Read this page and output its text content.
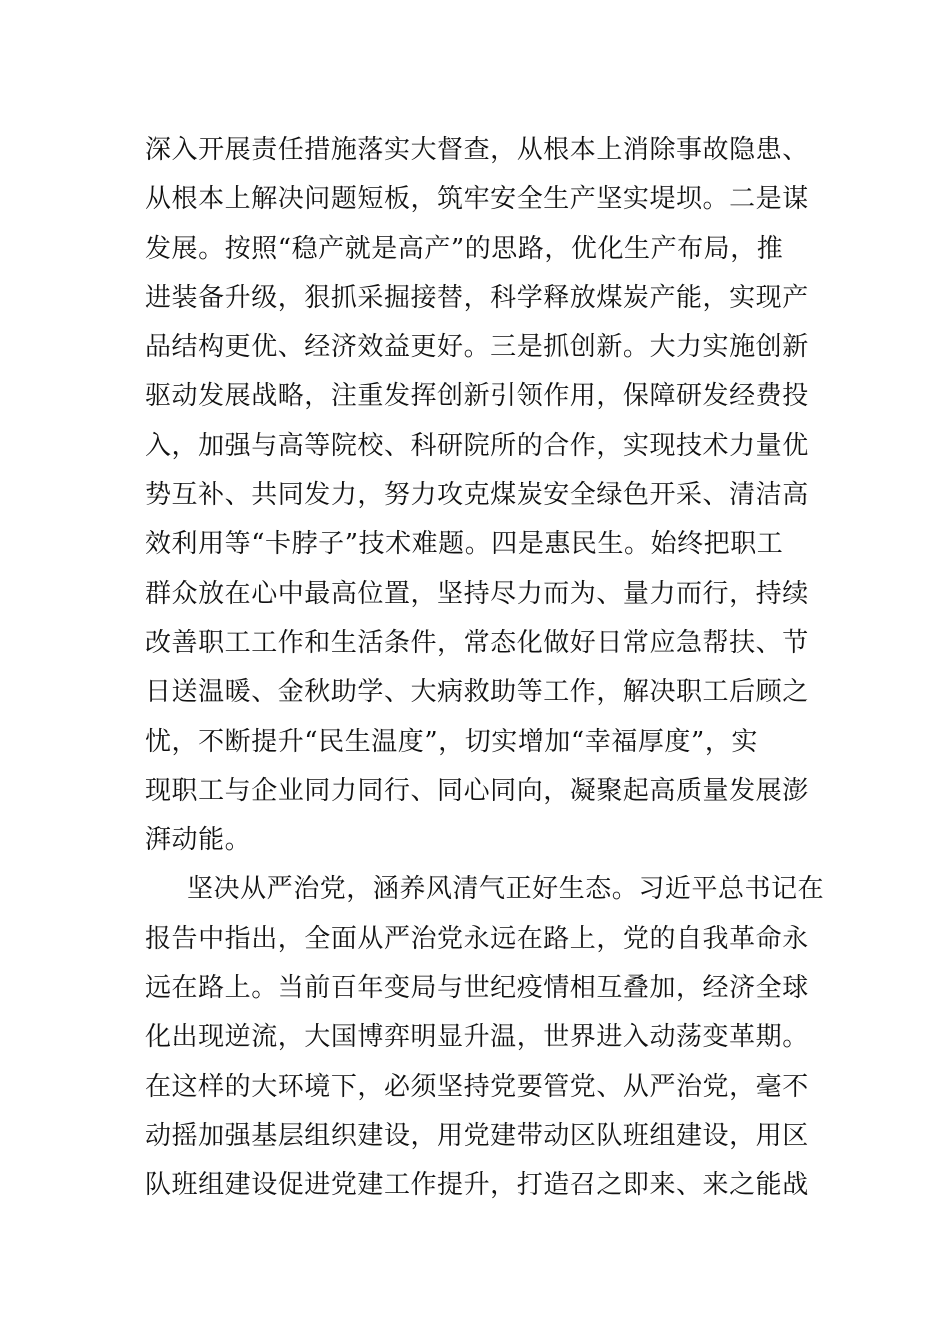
深入开展责任措施落实大督查，从根本上消除事故隐患、
从根本上解决问题短板，筑牢安全生产坚实堤坝。二是谋
发展。按照“稳产就是高产”的思路，优化生产布局，推
进装备升级，狠抓采掘接替，科学释放煤炭产能，实现产
品结构更优、经济效益更好。三是抓创新。大力实施创新
驱动发展战略，注重发挥创新引领作用，保障研发经费投
入，加强与高等院校、科研院所的合作，实现技术力量优
势互补、共同发力，努力攻克煤炭安全绿色开采、清洁高
效利用等“卡脖子”技术难题。四是惠民生。始终把职工
群众放在心中最高位置，坚持尽力而为、量力而行，持续
改善职工工作和生活条件，常态化做好日常应急帮扶、节
日送温暖、金秋助学、大病救助等工作，解决职工后顾之
忧，不断提升“民生温度”，切实增加“幸福厚度”，实
现职工与企业同力同行、同心同向，凝聚起高质量发展澎
湃动能。
坚决从严治党，涵养风清气正好生态。习近平总书记在
报告中指出，全面从严治党永远在路上，党的自我革命永
远在路上。当前百年变局与世纪疫情相互叠加，经济全球
化出现逆流，大国博弈明显升温，世界进入动荡变革期。
在这样的大环境下，必须坚持党要管党、从严治党，毫不
动摇加强基层组织建设，用党建带动区队班组建设，用区
队班组建设促进党建工作提升，打造召之即来、来之能战
